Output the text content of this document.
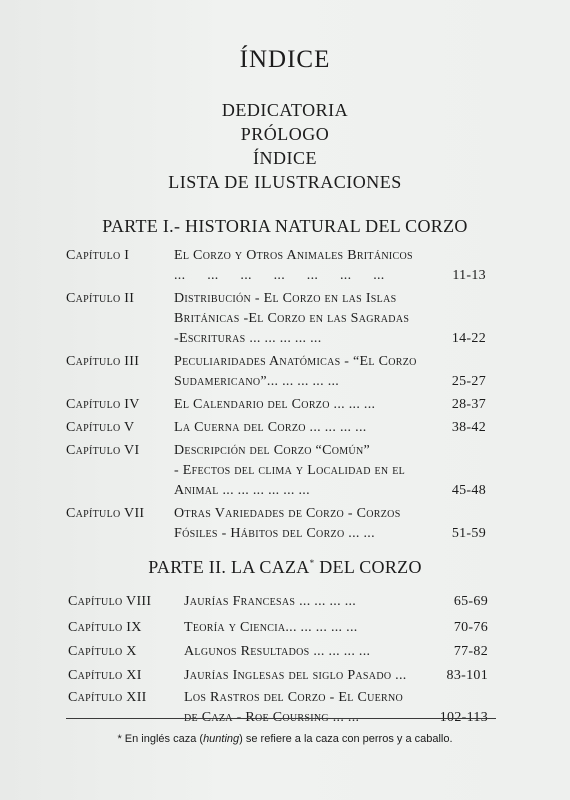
ÍNDICE
DEDICATORIA
PRÓLOGO
ÍNDICE
LISTA DE ILUSTRACIONES
PARTE I.- HISTORIA NATURAL DEL CORZO
Capítulo I	El Corzo y Otros Animales Británicos
... ... ... ... ... ... ...	11-13
Capítulo II	Distribución - El Corzo en las Islas
Británicas -El Corzo en las Sagradas
-Escrituras ... ... ... ... ...	14-22
Capítulo III Peculiaridades Anatómicas - “El Corzo
Sudamericano”... ... ... ... ...	25-27
Capítulo IV El Calendario del Corzo ... ... ...	28-37
Capítulo V	La Cuerna del Corzo ... ... ... ...	38-42
Capítulo VI Descripción del Corzo “Común”
- Efectos del clima y Localidad en el
Animal ... ... ... ... ... ...	45-48
Capítulo VII Otras Variedades de Corzo - Corzos
Fósiles - Hábitos del Corzo ... ...	51-59
PARTE II. LA CAZA* DEL CORZO
Capítulo VIII Jaurías Francesas ... ... ... ...	65-69
Capítulo IX	Teoría y Ciencia... ... ... ... ...	70-76
Capítulo X	Algunos Resultados ... ... ... ...	77-82
Capítulo XI	Jaurías Inglesas del siglo Pasado ...	83-101
Capítulo XII	Los Rastros del Corzo - El Cuerno
de Caza - Roe Coursing ... ...	102-113
* En inglés caza (hunting) se refiere a la caza con perros y a caballo.
